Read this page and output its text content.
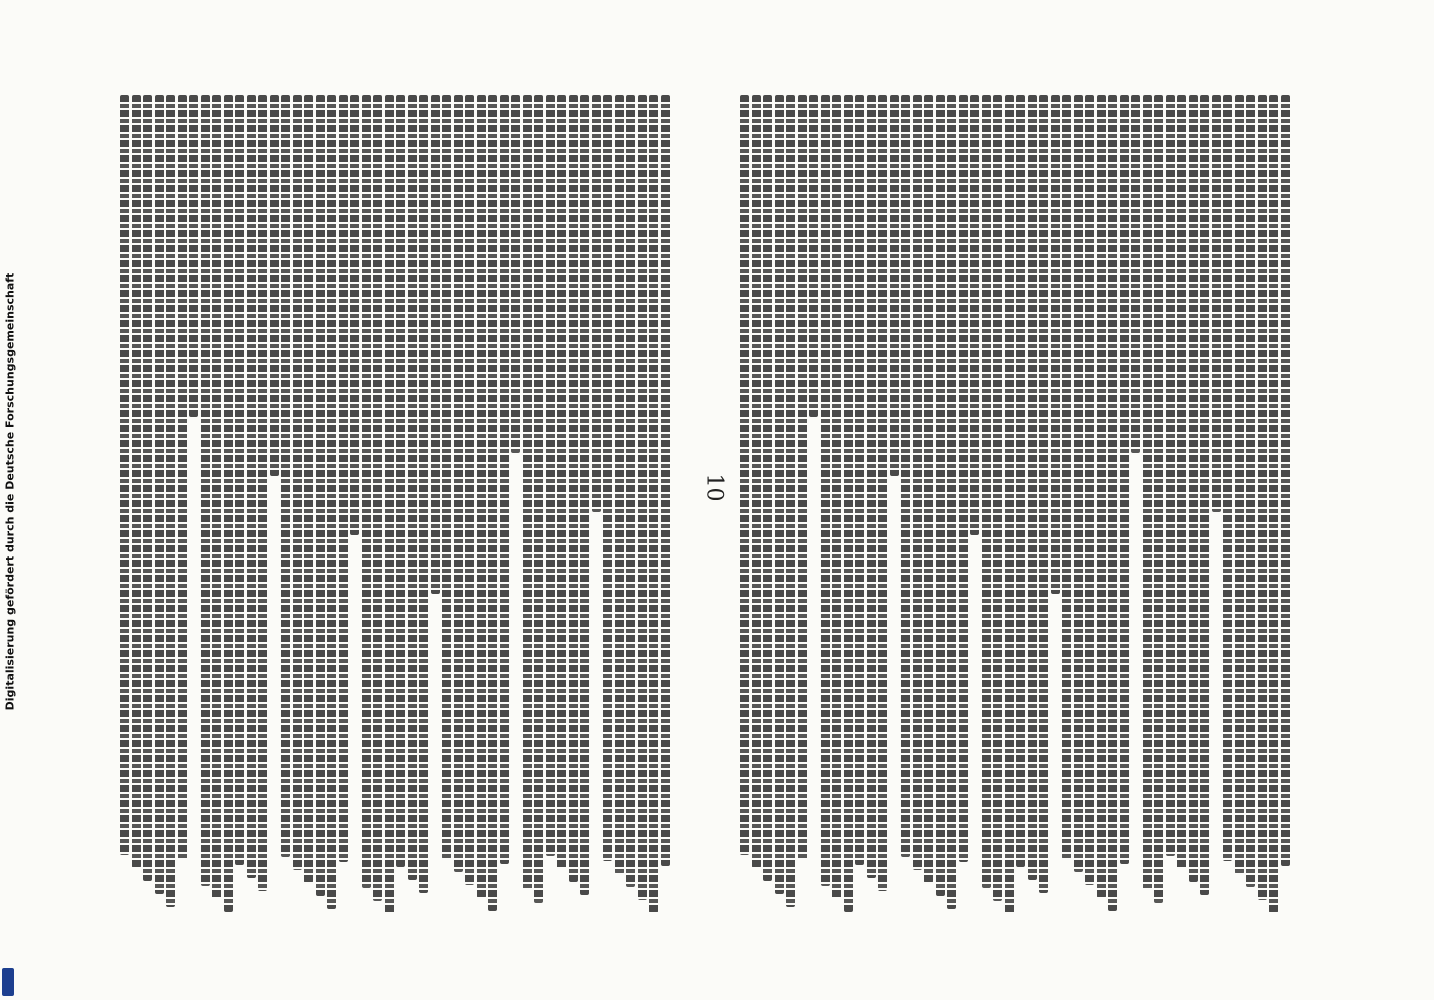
10
Digitalisierung gefördert durch die Deutsche Forschungsgemeinschaft
